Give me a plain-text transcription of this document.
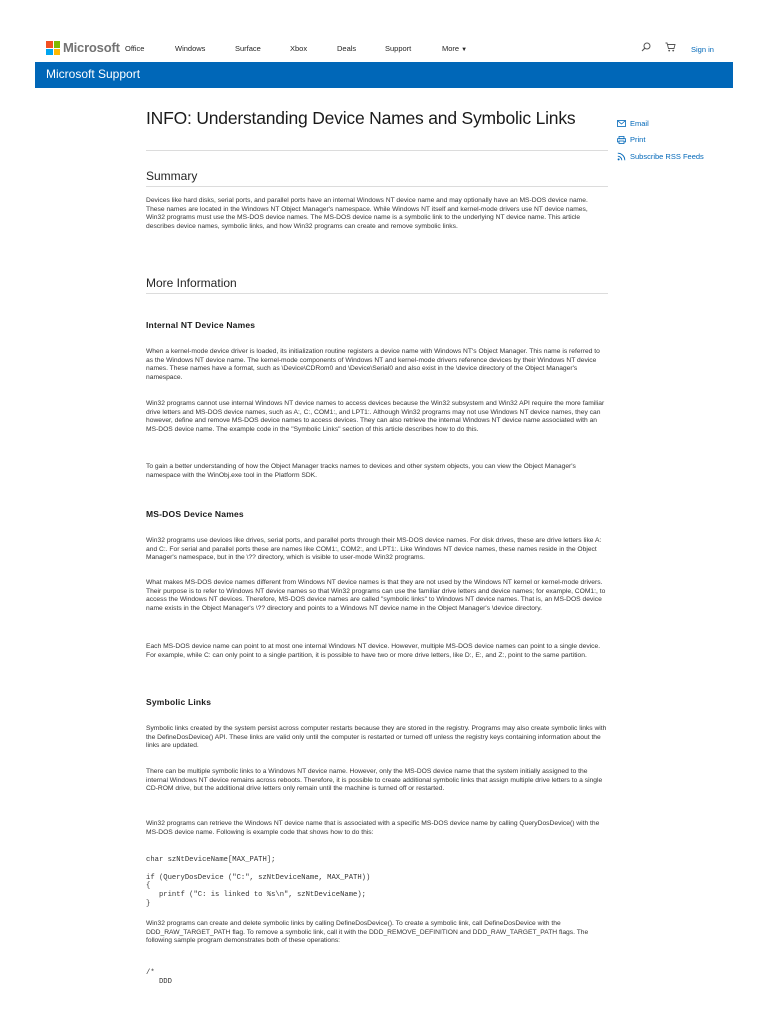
Microsoft Office	Windows	Surface	Xbox	Deals	Support	More ▼	Sign in
Microsoft Support
INFO: Understanding Device Names and Symbolic Links
Summary

Devices like hard disks, serial ports, and parallel ports have an internal Windows NT device name and may optionally have an MS-DOS device name. These names are located in the Windows NT Object Manager's namespace. While Windows NT itself and kernel-mode drivers use NT device names, Win32 programs must use the MS-DOS device names. The MS-DOS device name is a symbolic link to the underlying NT device name. This article describes device names, symbolic links, and how Win32 programs can create and remove symbolic links.

More Information
Internal NT Device Names

When a kernel-mode device driver is loaded, its initialization routine registers a device name with Windows NT's Object Manager. This name is referred to as the Windows NT device name. The kernel-mode components of Windows NT and kernel-mode drivers reference devices by their Windows NT device names. These names have a format, such as \Device\CDRom0 and \Device\Serial0 and also exist in the \device directory of the Object Manager's namespace.

Win32 programs cannot use internal Windows NT device names to access devices because the Win32 subsystem and Win32 API require the more familiar drive letters and MS-DOS device names, such as A:, C:, COM1:, and LPT1:. Although Win32 programs may not use Windows NT device names, they can however, define and remove MS-DOS device names to access devices. They can also retrieve the internal Windows NT device name associated with an MS-DOS device name. The example code in the "Symbolic Links" section of this article describes how to do this.

To gain a better understanding of how the Object Manager tracks names to devices and other system objects, you can view the Object Manager's namespace with the WinObj.exe tool in the Platform SDK.

MS-DOS Device Names

Win32 programs use devices like drives, serial ports, and parallel ports through their MS-DOS device names. For disk drives, these are drive letters like A: and C:. For serial and parallel ports these are names like COM1:, COM2:, and LPT1:. Like Windows NT device names, these names reside in the Object Manager's namespace, but in the \?? directory, which is visible to user-mode Win32 programs.

What makes MS-DOS device names different from Windows NT device names is that they are not used by the Windows NT kernel or kernel-mode drivers. Their purpose is to refer to Windows NT device names so that Win32 programs can use the familiar drive letters and device names; for example, COM1:, to access the Windows NT devices. Therefore, MS-DOS device names are called "symbolic links" to Windows NT device names. That is, an MS-DOS device name exists in the Object Manager's \?? directory and points to a Windows NT device name in the Object Manager's \device directory.

Each MS-DOS device name can point to at most one internal Windows NT device. However, multiple MS-DOS device names can point to a single device. For example, while C: can only point to a single partition, it is possible to have two or more drive letters, like D:, E:, and Z:, point to the same partition.

Symbolic Links

Symbolic links created by the system persist across computer restarts because they are stored in the registry. Programs may also create symbolic links with the DefineDosDevice() API. These links are valid only until the computer is restarted or turned off unless the registry keys containing information about the links are updated.

There can be multiple symbolic links to a Windows NT device name. However, only the MS-DOS device name that the system initially assigned to the internal Windows NT device remains across reboots. Therefore, it is possible to create additional symbolic links that assign multiple drive letters to a single CD-ROM drive, but the additional drive letters only remain until the machine is turned off or restarted.

Win32 programs can retrieve the Windows NT device name that is associated with a specific MS-DOS device name by calling QueryDosDevice() with the MS-DOS device name. Following is example code that shows how to do this:

char szNtDeviceName[MAX_PATH];

if (QueryDosDevice ("C:", szNtDeviceName, MAX_PATH))
{
printf ("C: is linked to %s\n", szNtDeviceName);
}

Win32 programs can create and delete symbolic links by calling DefineDosDevice(). To create a symbolic link, call DefineDosDevice with the DDD_RAW_TARGET_PATH flag. To remove a symbolic link, call it with the DDD_REMOVE_DEFINITION and DDD_RAW_TARGET_PATH flags. The following sample program demonstrates both of these operations:

/*
DDD
Email
Print
Subscribe RSS Feeds
